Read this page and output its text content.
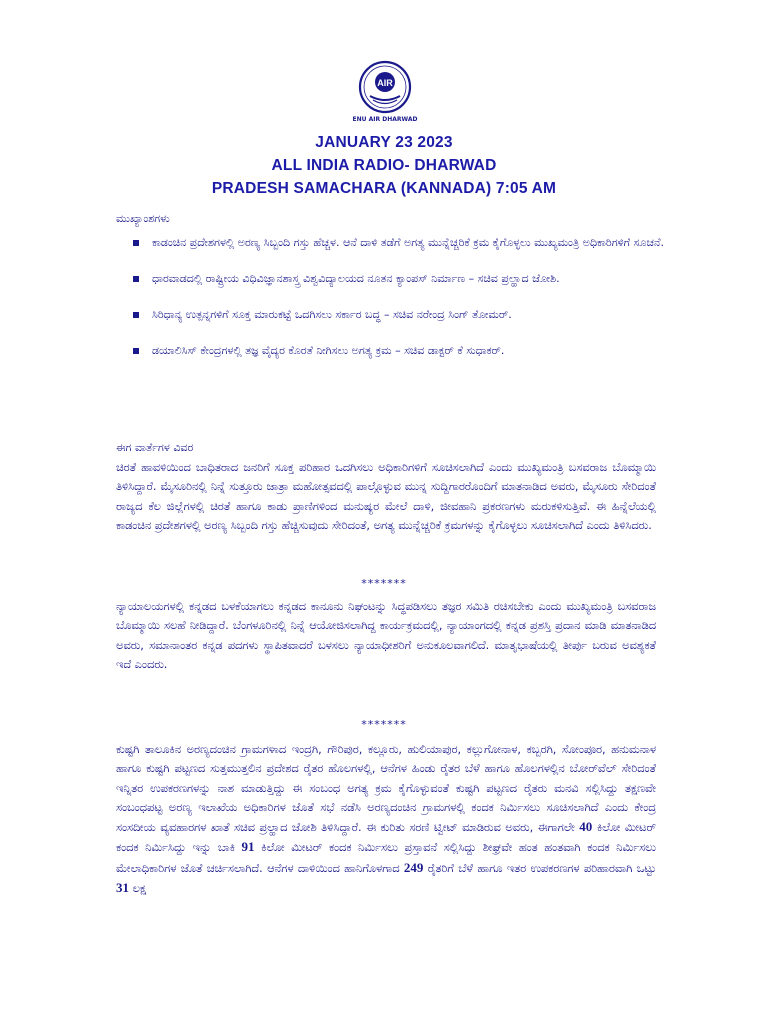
AIR
ENU AIR DHARWAD
JANUARY 23 2023
ALL INDIA RADIO- DHARWAD
PRADESH SAMACHARA (KANNADA) 7:05 AM
ಮುಖ್ಯಾಂಶಗಳು
ಕಾಡಂಚಿನ ಪ್ರದೇಶಗಳಲ್ಲಿ ಅರಣ್ಯ ಸಿಬ್ಬಂದಿ ಗಸ್ತು ಹೆಚ್ಚಳ. ಆನೆ ದಾಳಿ ತಡೆಗೆ ಅಗತ್ಯ ಮುನ್ನೆಚ್ಚರಿಕೆ ಕ್ರಮ ಕೈಗೊಳ್ಳಲು ಮುಖ್ಯಮಂತ್ರಿ ಅಧಿಕಾರಿಗಳಿಗೆ ಸೂಚನೆ.
ಧಾರವಾಡದಲ್ಲಿ ರಾಷ್ಟ್ರೀಯ ವಿಧಿವಿಜ್ಞಾನಶಾಸ್ತ್ರ ವಿಶ್ವವಿದ್ಯಾಲಯದ ನೂತನ ಕ್ಯಾಂಪಸ್ ನಿರ್ಮಾಣ – ಸಚಿವ ಪ್ರಲ್ಹಾದ ಜೋಶಿ.
ಸಿರಿಧಾನ್ಯ ಉತ್ಪನ್ನಗಳಿಗೆ ಸೂಕ್ತ ಮಾರುಕಟ್ಟೆ ಒದಗಿಸಲು ಸರ್ಕಾರ ಬದ್ಧ – ಸಚಿವ ನರೇಂದ್ರ ಸಿಂಗ್ ತೋಮರ್.
ಡಯಾಲಿಸಿಸ್ ಕೇಂದ್ರಗಳಲ್ಲಿ ತಜ್ಞ ವೈದ್ಯರ ಕೊರತೆ ನೀಗಿಸಲು ಅಗತ್ಯ ಕ್ರಮ – ಸಚಿವ ಡಾಕ್ಟರ್ ಕೆ ಸುಧಾಕರ್.
ಈಗ ವಾರ್ತೆಗಳ ವಿವರ
ಚಿರತೆ ಹಾವಳಿಯಿಂದ ಬಾಧಿತರಾದ ಜನರಿಗೆ ಸೂಕ್ತ ಪರಿಹಾರ ಒದಗಿಸಲು ಅಧಿಕಾರಿಗಳಿಗೆ ಸೂಚಿಸಲಾಗಿದೆ ಎಂದು ಮುಖ್ಯಮಂತ್ರಿ ಬಸವರಾಜ ಬೊಮ್ಮಾಯಿ ತಿಳಿಸಿದ್ದಾರೆ. ಮೈಸೂರಿನಲ್ಲಿ ನಿನ್ನೆ ಸುತ್ತೂರು ಜಾತ್ರಾ ಮಹೋತ್ಸವದಲ್ಲಿ ಪಾಲ್ಗೊಳ್ಳುವ ಮುನ್ನ ಸುದ್ದಿಗಾರರೊಂದಿಗೆ ಮಾತನಾಡಿದ ಅವರು, ಮೈಸೂರು ಸೇರಿದಂತೆ ರಾಜ್ಯದ ಕೆಲ ಜಿಲ್ಲೆಗಳಲ್ಲಿ ಚಿರತೆ ಹಾಗೂ ಕಾಡು ಪ್ರಾಣಿಗಳಿಂದ ಮನುಷ್ಯರ ಮೇಲೆ ದಾಳಿ, ಜೀವಹಾನಿ ಪ್ರಕರಣಗಳು ಮರುಕಳಿಸುತ್ತಿವೆ. ಈ ಹಿನ್ನೆಲೆಯಲ್ಲಿ ಕಾಡಂಚಿನ ಪ್ರದೇಶಗಳಲ್ಲಿ ಅರಣ್ಯ ಸಿಬ್ಬಂದಿ ಗಸ್ತು ಹೆಚ್ಚಿಸುವುದು ಸೇರಿದಂತೆ, ಅಗತ್ಯ ಮುನ್ನೆಚ್ಚರಿಕೆ ಕ್ರಮಗಳನ್ನು ಕೈಗೊಳ್ಳಲು ಸೂಚಿಸಲಾಗಿದೆ ಎಂದು ತಿಳಿಸಿದರು.
*******
ನ್ಯಾಯಾಲಯಗಳಲ್ಲಿ ಕನ್ನಡದ ಬಳಕೆಯಾಗಲು ಕನ್ನಡದ ಕಾನೂನು ನಿಘಂಟನ್ನು ಸಿದ್ಧಪಡಿಸಲು ತಜ್ಞರ ಸಮಿತಿ ರಚಿಸಬೇಕು ಎಂದು ಮುಖ್ಯಮಂತ್ರಿ ಬಸವರಾಜ ಬೊಮ್ಮಾಯಿ ಸಲಹೆ ನೀಡಿದ್ದಾರೆ. ಬೆಂಗಳೂರಿನಲ್ಲಿ ನಿನ್ನೆ ಆಯೋಜಿಸಲಾಗಿದ್ದ ಕಾರ್ಯಕ್ರಮದಲ್ಲಿ, ನ್ಯಾಯಾಂಗದಲ್ಲಿ ಕನ್ನಡ ಪ್ರಶಸ್ತಿ ಪ್ರದಾನ ಮಾಡಿ ಮಾತನಾಡಿದ ಅವರು, ಸಮಾನಾಂತರ ಕನ್ನಡ ಪದಗಳು ಸ್ಥಾಪಿತವಾದರೆ ಬಳಸಲು ನ್ಯಾಯಾಧೀಶರಿಗೆ ಅನುಕೂಲವಾಗಲಿದೆ. ಮಾತೃಭಾಷೆಯಲ್ಲಿ ತೀರ್ಪು ಬರುವ ಅವಶ್ಯಕತೆ ಇದೆ ಎಂದರು.
*******
ಕುಷ್ಟಗಿ ತಾಲೂಕಿನ ಅರಣ್ಯದಂಚಿನ ಗ್ರಾಮಗಳಾದ ಇಂದ್ರಗಿ, ಗೌರಿಪುರ, ಕಲ್ಲೂರು, ಹುಲಿಯಾಪುರ, ಕಲ್ಲುಗೋನಾಳ, ಕಬ್ಬರಗಿ, ಸೋಂಪೂರ, ಹನುಮನಾಳ ಹಾಗೂ ಕುಷ್ಟಗಿ ಪಟ್ಟಣದ ಸುತ್ತಮುತ್ತಲಿನ ಪ್ರದೇಶದ ರೈತರ ಹೊಲಗಳಲ್ಲಿ, ಆನೆಗಳ ಹಿಂಡು ರೈತರ ಬೆಳೆ ಹಾಗೂ ಹೊಲಗಳಲ್ಲಿನ ಬೋರ್‌ವೆಲ್ ಸೇರಿದಂತೆ ಇನ್ನಿತರ ಉಪಕರಣಗಳನ್ನು ನಾಶ ಮಾಡುತ್ತಿದ್ದು ಈ ಸಂಬಂಧ ಅಗತ್ಯ ಕ್ರಮ ಕೈಗೊಳ್ಳುವಂತೆ ಕುಷ್ಟಗಿ ಪಟ್ಟಣದ ರೈತರು ಮನವಿ ಸಲ್ಲಿಸಿದ್ದು ತಕ್ಷಣವೇ ಸಂಬಂಧಪಟ್ಟ ಅರಣ್ಯ ಇಲಾಖೆಯ ಅಧಿಕಾರಿಗಳ ಜೊತೆ ಸಭೆ ನಡೆಸಿ ಅರಣ್ಯದಂಚಿನ ಗ್ರಾಮಗಳಲ್ಲಿ ಕಂದಕ ನಿರ್ಮಿಸಲು ಸೂಚಿಸಲಾಗಿದೆ ಎಂದು ಕೇಂದ್ರ ಸಂಸದೀಯ ವ್ಯವಹಾರಗಳ ಖಾತೆ ಸಚಿವ ಪ್ರಲ್ಹಾದ ಜೋಶಿ ತಿಳಿಸಿದ್ದಾರೆ. ಈ ಕುರಿತು ಸರಣಿ ಟ್ವೀಟ್ ಮಾಡಿರುವ ಅವರು, ಈಗಾಗಲೇ 40 ಕಿಲೋ ಮೀಟರ್ ಕಂದಕ ನಿರ್ಮಿಸಿದ್ದು ಇನ್ನು ಬಾಕಿ 91 ಕಿಲೋ ಮೀಟರ್ ಕಂದಕ ನಿರ್ಮಿಸಲು ಪ್ರಸ್ತಾವನೆ ಸಲ್ಲಿಸಿದ್ದು ಶೀಘ್ರವೇ ಹಂತ ಹಂತವಾಗಿ ಕಂದಕ ನಿರ್ಮಿಸಲು ಮೇಲಾಧಿಕಾರಿಗಳ ಜೊತೆ ಚರ್ಚಿಸಲಾಗಿದೆ. ಆನೆಗಳ ದಾಳಿಯಿಂದ ಹಾನಿಗೊಳಗಾದ 249 ರೈತರಿಗೆ ಬೆಳೆ ಹಾಗೂ ಇತರ ಉಪಕರಣಗಳ ಪರಿಹಾರವಾಗಿ ಒಟ್ಟು 31 ಲಕ್ಷ
